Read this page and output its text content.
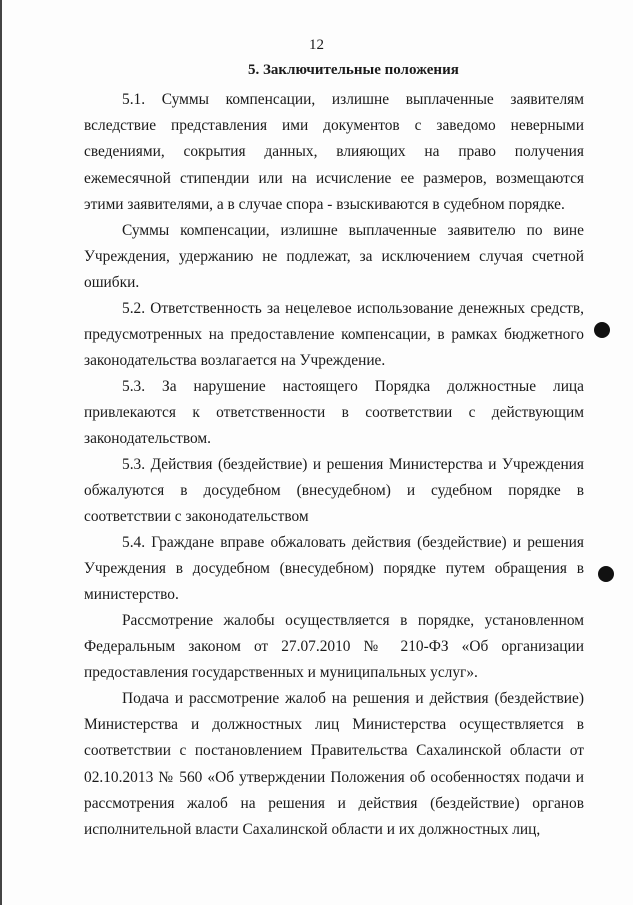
12
5. Заключительные положения

5.1. Суммы компенсации, излишне выплаченные заявителям вследствие представления ими документов с заведомо неверными сведениями, сокрытия данных, влияющих на право получения ежемесячной стипендии или на исчисление ее размеров, возмещаются этими заявителями, а в случае спора - взыскиваются в судебном порядке.

Суммы компенсации, излишне выплаченные заявителю по вине Учреждения, удержанию не подлежат, за исключением случая счетной ошибки.

5.2. Ответственность за нецелевое использование денежных средств, предусмотренных на предоставление компенсации, в рамках бюджетного законодательства возлагается на Учреждение.

5.3. За нарушение настоящего Порядка должностные лица привлекаются к ответственности в соответствии с действующим законодательством.

5.3. Действия (бездействие) и решения Министерства и Учреждения обжалуются в досудебном (внесудебном) и судебном порядке в соответствии с законодательством

5.4. Граждане вправе обжаловать действия (бездействие) и решения Учреждения в досудебном (внесудебном) порядке путем обращения в министерство.

Рассмотрение жалобы осуществляется в порядке, установленном Федеральным законом от 27.07.2010 № 210-ФЗ «Об организации предоставления государственных и муниципальных услуг».

Подача и рассмотрение жалоб на решения и действия (бездействие) Министерства и должностных лиц Министерства осуществляется в соответствии с постановлением Правительства Сахалинской области от 02.10.2013 № 560 «Об утверждении Положения об особенностях подачи и рассмотрения жалоб на решения и действия (бездействие) органов исполнительной власти Сахалинской области и их должностных лиц,
